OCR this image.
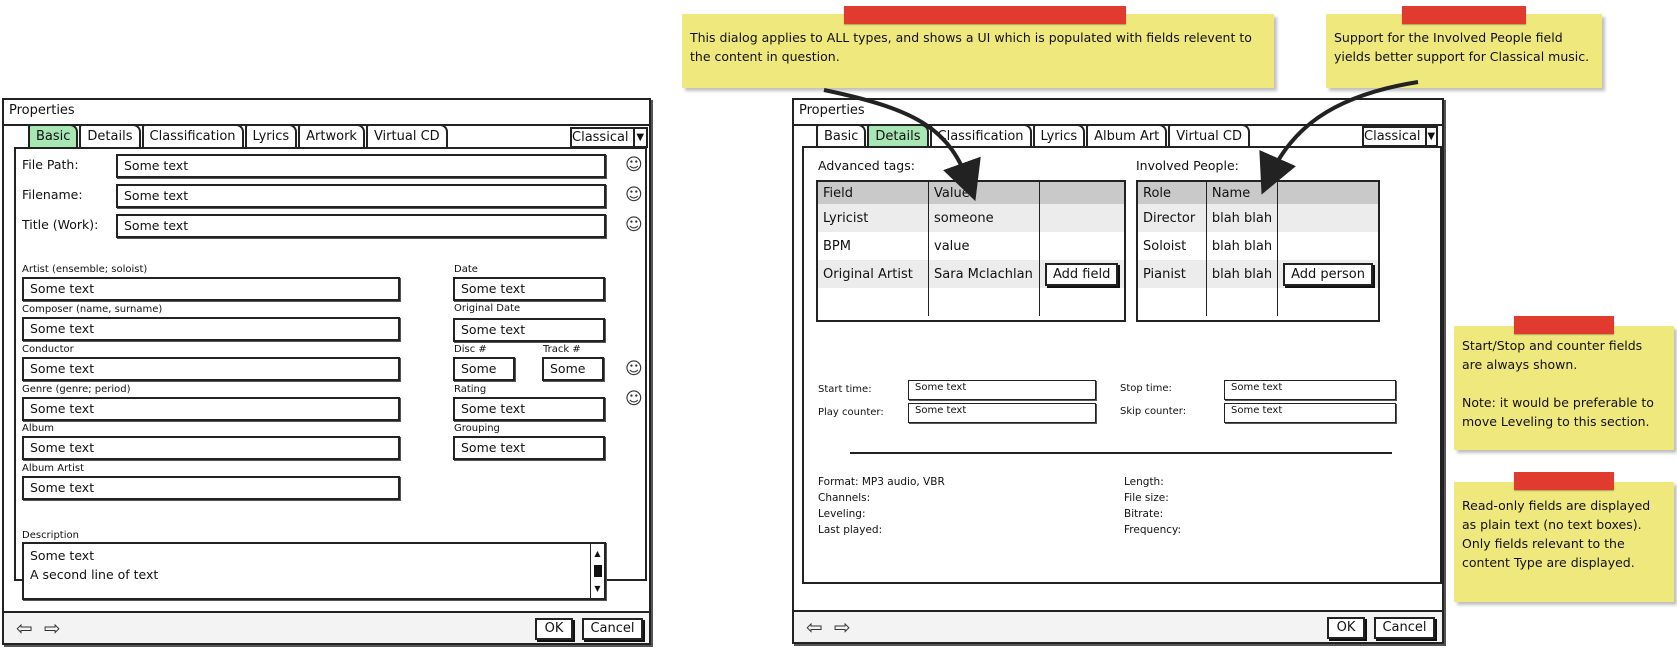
Properties
Basic	Details	Classification	Lyrics	Artwork	Virtual CD	Classical ▼
File Path:	Some text	☺
Filename:	Some text	☺
Title (Work):	Some text	☺
Artist (ensemble; soloist)
Some text
Composer (name, surname)
Some text
Conductor
Some text
Genre (genre; period)
Some text
Album
Some text
Album Artist
Some text
Date
Some text
Original Date
Some text
Disc #
Some
Track #
Some	☺
Rating
Some text	☺
Grouping
Some text
Description
Some text
A second line of text
▲
▼
⇦ ⇨	OK	Cancel
Properties
Basic	Details	Classification	Lyrics	Album Art	Virtual CD	Classical ▼
Advanced tags:
Field	Values	
Lyricist	someone	
BPM	value	
Original Artist	Sara Mclachlan	Add field

Involved People:
Role	Name	
Director	blah blah	
Soloist	blah blah	
Pianist	blah blah	Add person

Start time:	Some text
Play counter:	Some text
Stop time:	Some text
Skip counter:	Some text
Format: MP3 audio, VBR
Channels:
Leveling:
Last played:
Length:
File size:
Bitrate:
Frequency:
⇦ ⇨	OK	Cancel
This dialog applies to ALL types, and shows a UI which is populated with fields relevent to the content in question.
Support for the Involved People field yields better support for Classical music.
Start/Stop and counter fields are always shown.
Note: it would be preferable to move Leveling to this section.
Read-only fields are displayed as plain text (no text boxes). Only fields relevant to the content Type are displayed.
